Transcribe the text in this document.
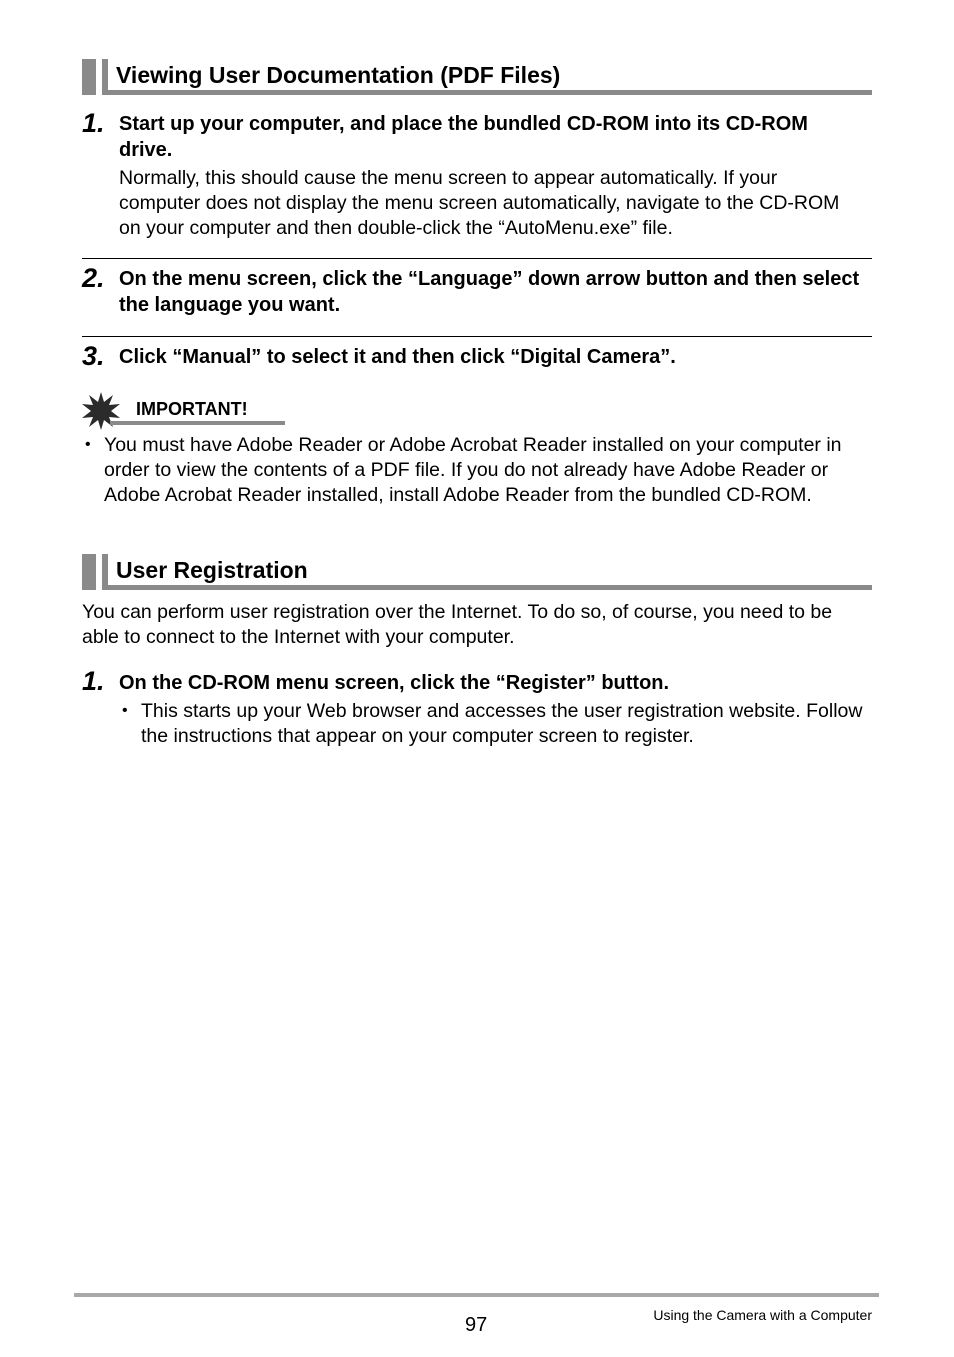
Viewing User Documentation (PDF Files)
1. Start up your computer, and place the bundled CD-ROM into its CD-ROM drive.
Normally, this should cause the menu screen to appear automatically. If your computer does not display the menu screen automatically, navigate to the CD-ROM on your computer and then double-click the “AutoMenu.exe” file.
2. On the menu screen, click the “Language” down arrow button and then select the language you want.
3. Click “Manual” to select it and then click “Digital Camera”.
IMPORTANT!
• You must have Adobe Reader or Adobe Acrobat Reader installed on your computer in order to view the contents of a PDF file. If you do not already have Adobe Reader or Adobe Acrobat Reader installed, install Adobe Reader from the bundled CD-ROM.
User Registration
You can perform user registration over the Internet. To do so, of course, you need to be able to connect to the Internet with your computer.
1. On the CD-ROM menu screen, click the “Register” button.
• This starts up your Web browser and accesses the user registration website. Follow the instructions that appear on your computer screen to register.
97	Using the Camera with a Computer
